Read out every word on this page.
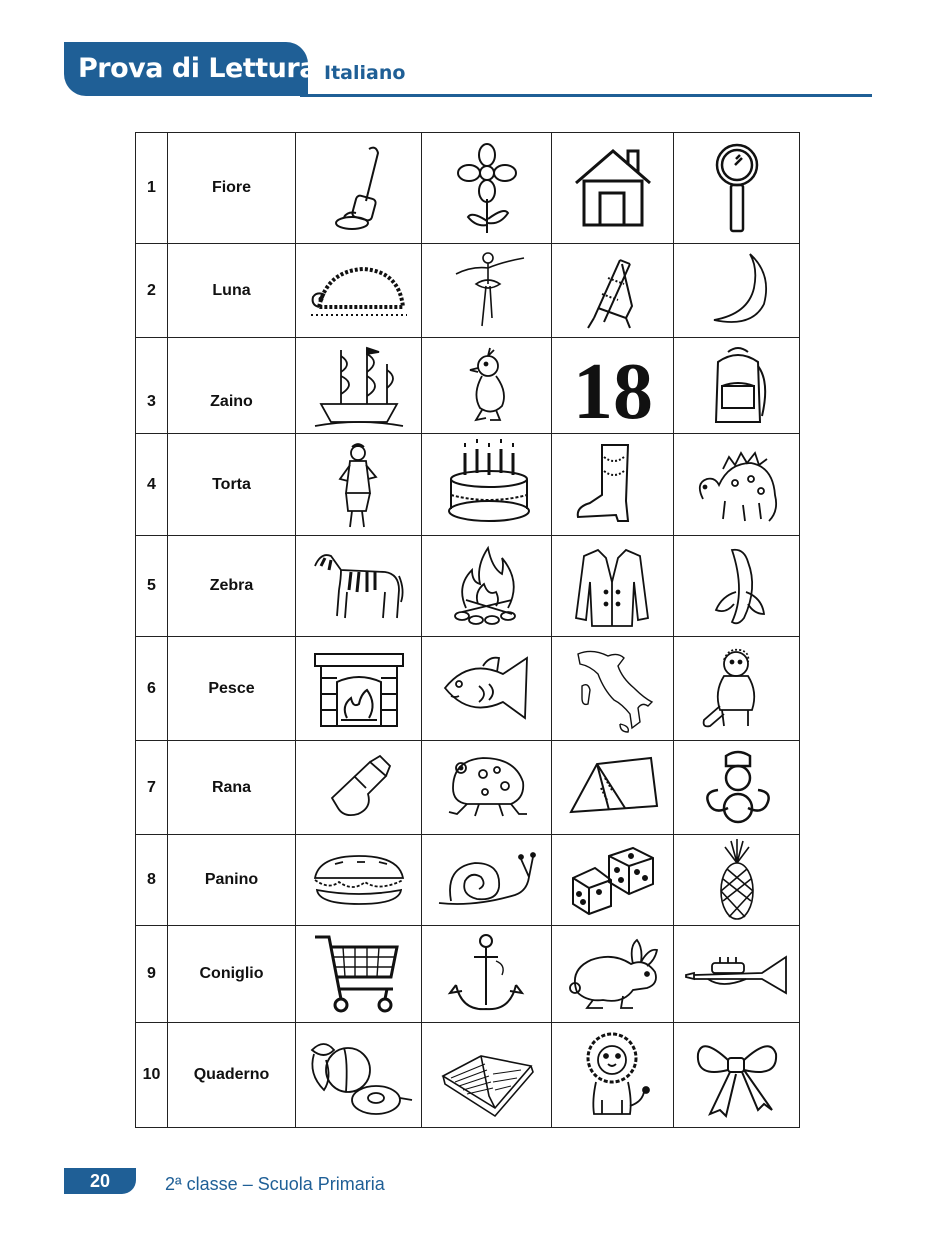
Prova di Lettura Italiano
1	Fiore	

2	Luna	

3	Zaino			18

4	Torta	

5	Zebra	

6	Pesce	

7	Rana	

8	Panino	

9	Coniglio	

10	Quaderno	

20	2ª classe – Scuola Primaria
